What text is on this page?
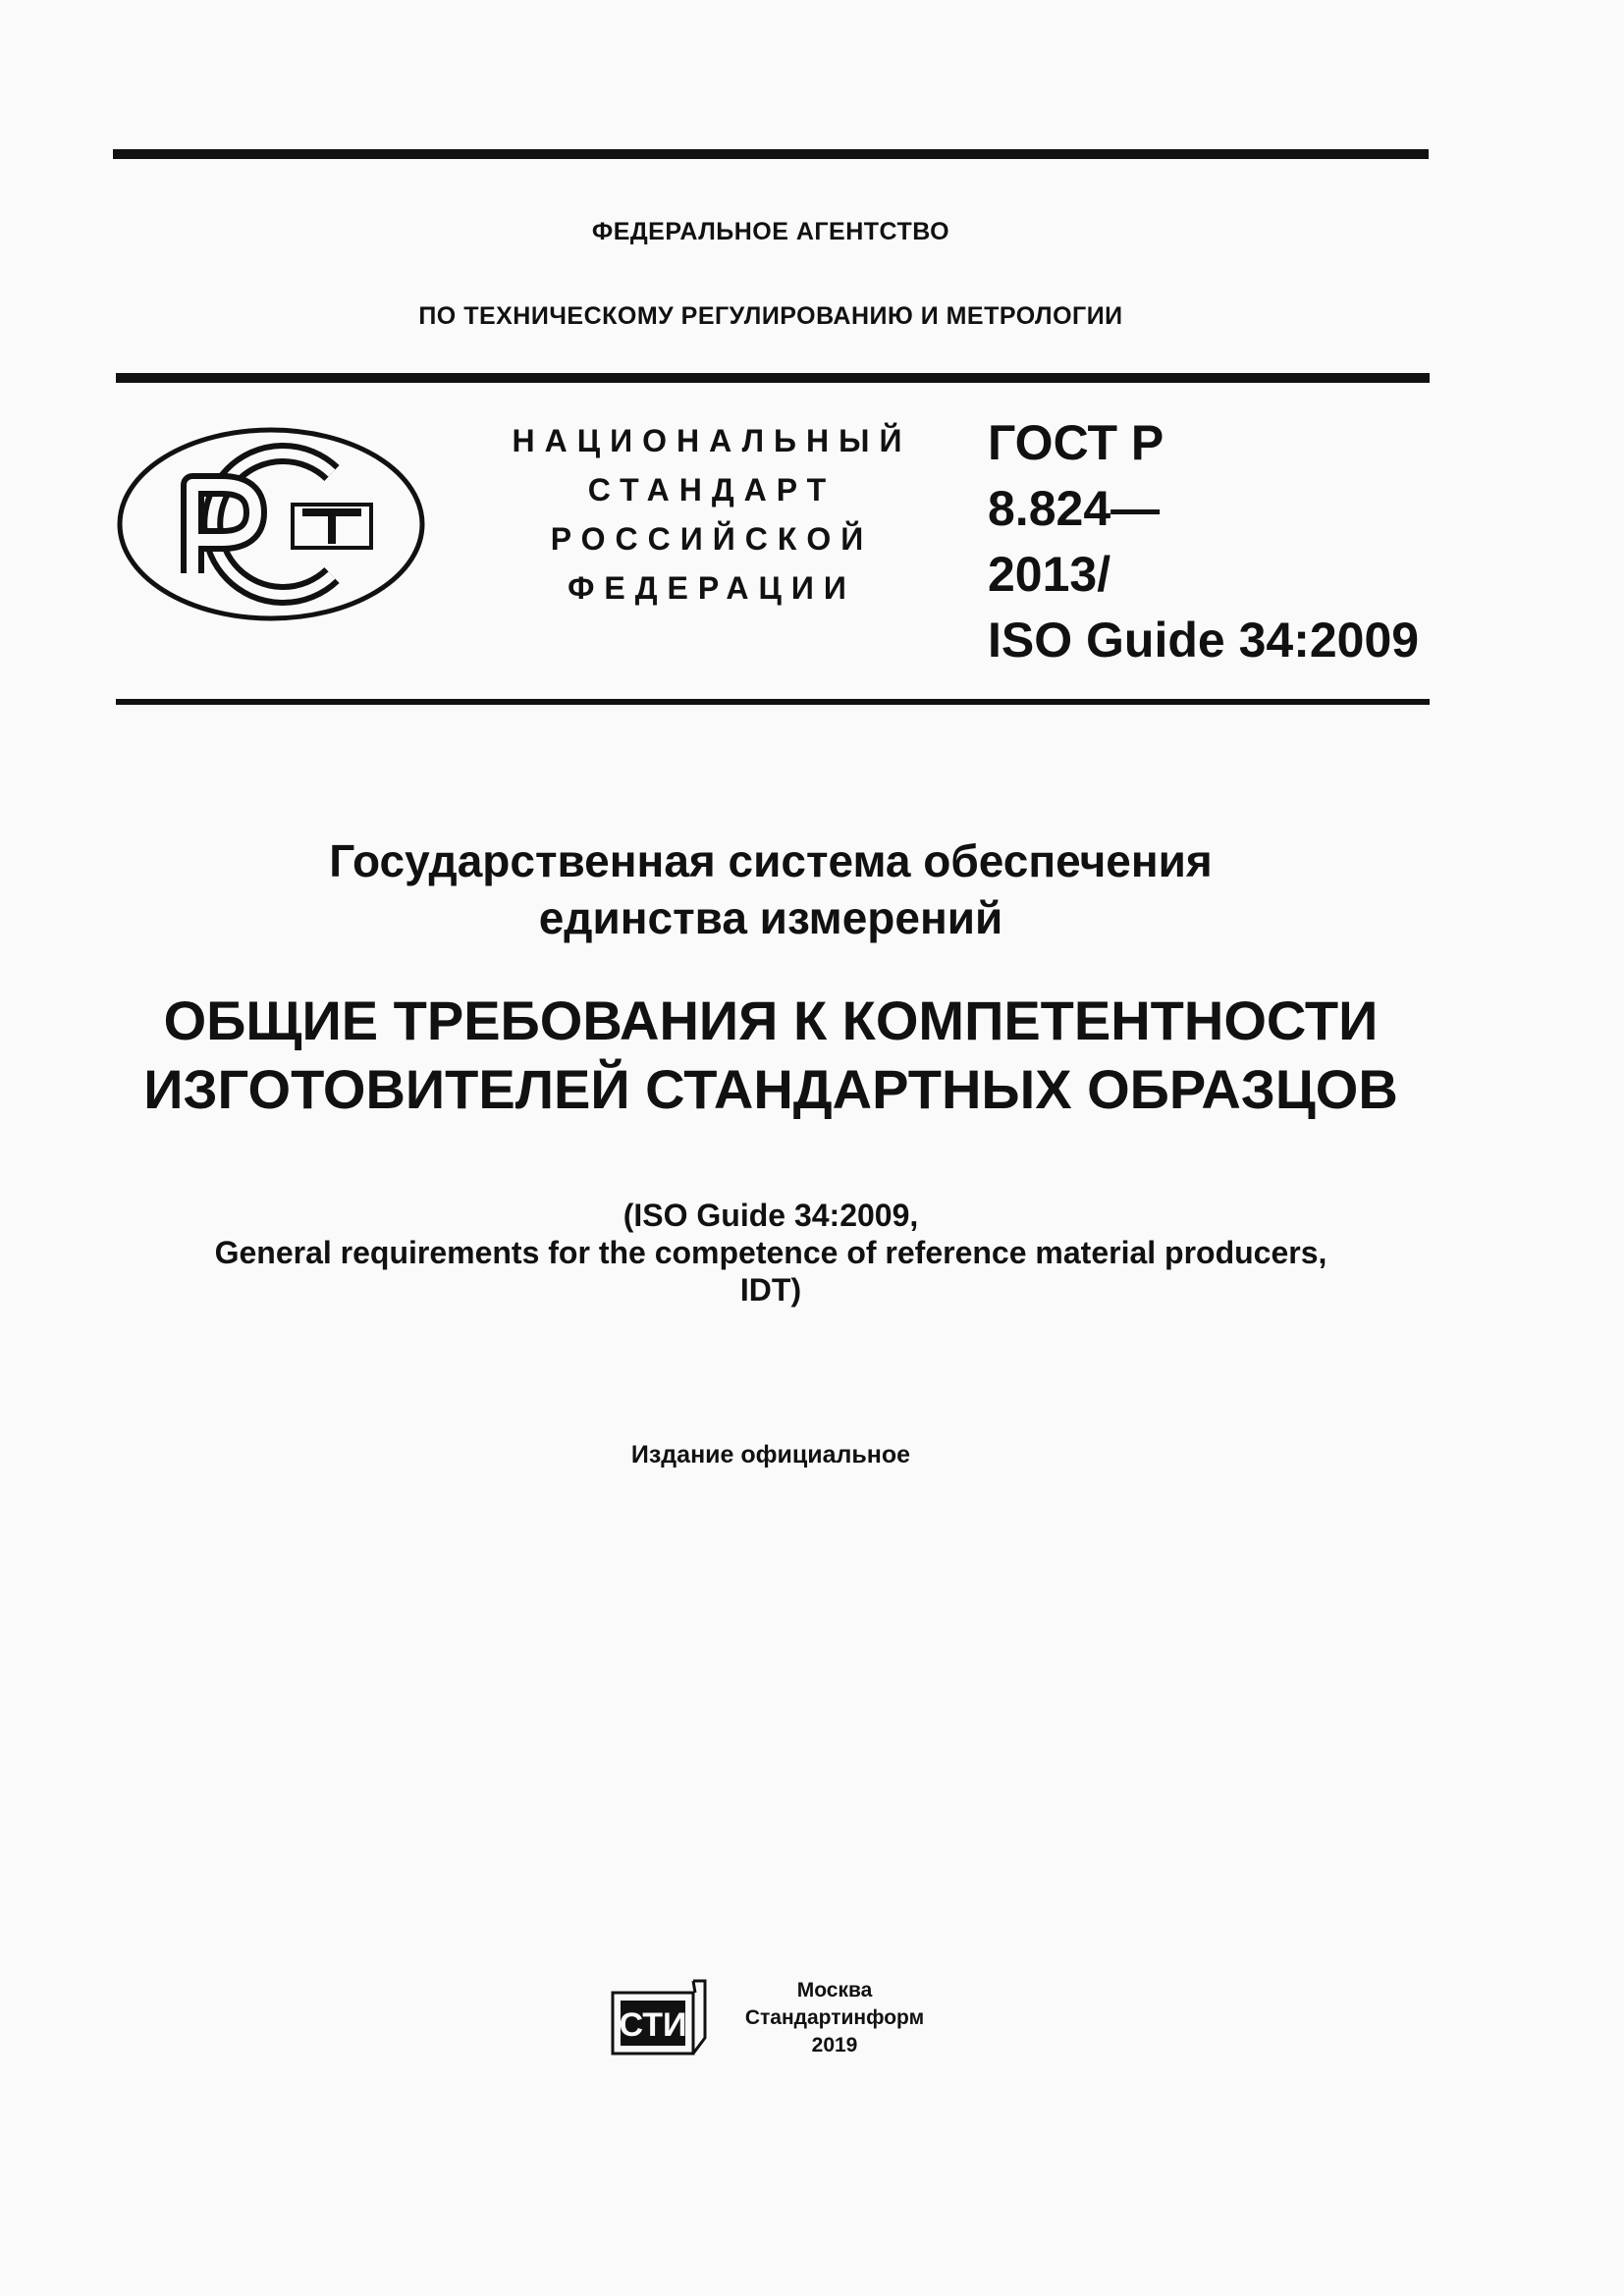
ФЕДЕРАЛЬНОЕ АГЕНТСТВО
ПО ТЕХНИЧЕСКОМУ РЕГУЛИРОВАНИЮ И МЕТРОЛОГИИ
НАЦИОНАЛЬНЫЙ
СТАНДАРТ
РОССИЙСКОЙ
ФЕДЕРАЦИИ
ГОСТ Р
8.824—
2013/
ISO Guide 34:2009
Государственная система обеспечения
единства измерений
ОБЩИЕ ТРЕБОВАНИЯ К КОМПЕТЕНТНОСТИ
ИЗГОТОВИТЕЛЕЙ СТАНДАРТНЫХ ОБРАЗЦОВ
(ISO Guide 34:2009,
General requirements for the competence of reference material producers,
IDT)
Издание официальное
СТИ
Москва
Стандартинформ
2019
